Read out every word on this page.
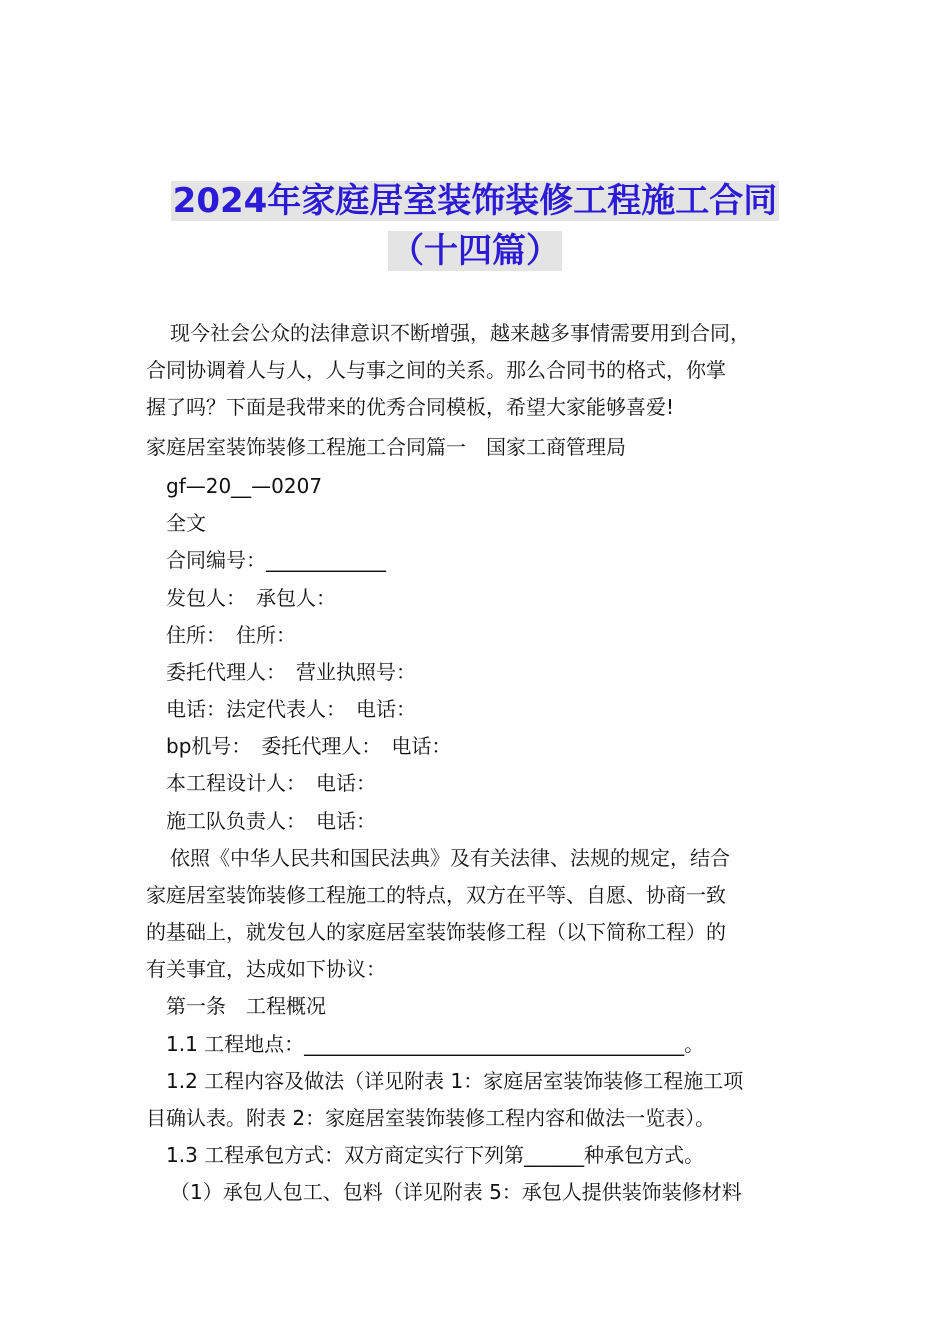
2024年家庭居室装饰装修工程施工合同
（十四篇）
现今社会公众的法律意识不断增强，越来越多事情需要用到合同，
合同协调着人与人，人与事之间的关系。那么合同书的格式，你掌
握了吗？下面是我带来的优秀合同模板，希望大家能够喜爱!
家庭居室装饰装修工程施工合同篇一　国家工商管理局
gf—20__—0207
全文
合同编号：____________
发包人：　承包人：
住所：　住所：
委托代理人：　营业执照号：
电话：法定代表人：　电话：
bp机号：　委托代理人：　电话：
本工程设计人：　电话：
施工队负责人：　电话：
依照《中华人民共和国民法典》及有关法律、法规的规定，结合
家庭居室装饰装修工程施工的特点，双方在平等、自愿、协商一致
的基础上，就发包人的家庭居室装饰装修工程（以下简称工程）的
有关事宜，达成如下协议：
第一条　工程概况
1.1 工程地点：______________________________________。
1.2 工程内容及做法（详见附表 1：家庭居室装饰装修工程施工项
目确认表。附表 2：家庭居室装饰装修工程内容和做法一览表）。
1.3 工程承包方式：双方商定实行下列第______种承包方式。
（1）承包人包工、包料（详见附表 5：承包人提供装饰装修材料
